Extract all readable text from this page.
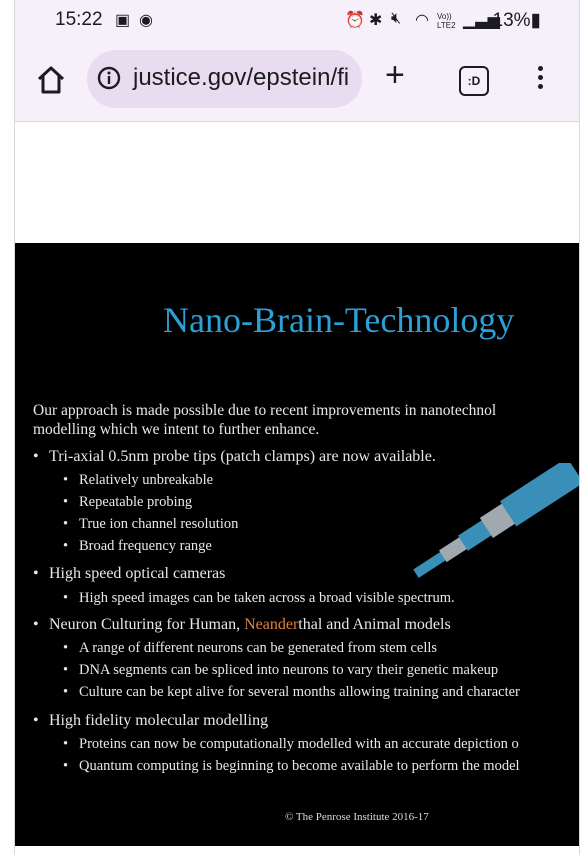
15:22 ▣ ◉	⏰ ✱ 🔇︎ ◠ Vo)) LTE2 ▁▃▅
13%▮
justice.gov/epstein/fi +	:D
Nano-Brain-Technology
Our approach is made possible due to recent improvements in nanotechnol
modelling which we intent to further enhance.
• Tri-axial 0.5nm probe tips (patch clamps) are now available.
• Relatively unbreakable
• Repeatable probing
• True ion channel resolution
• Broad frequency range
• High speed optical cameras
• High speed images can be taken across a broad visible spectrum.
• Neuron Culturing for Human, Neanderthal and Animal models
• A range of different neurons can be generated from stem cells
• DNA segments can be spliced into neurons to vary their genetic makeup
• Culture can be kept alive for several months allowing training and character
• High fidelity molecular modelling
• Proteins can now be computationally modelled with an accurate depiction o
• Quantum computing is beginning to become available to perform the model
© The Penrose Institute 2016-17
